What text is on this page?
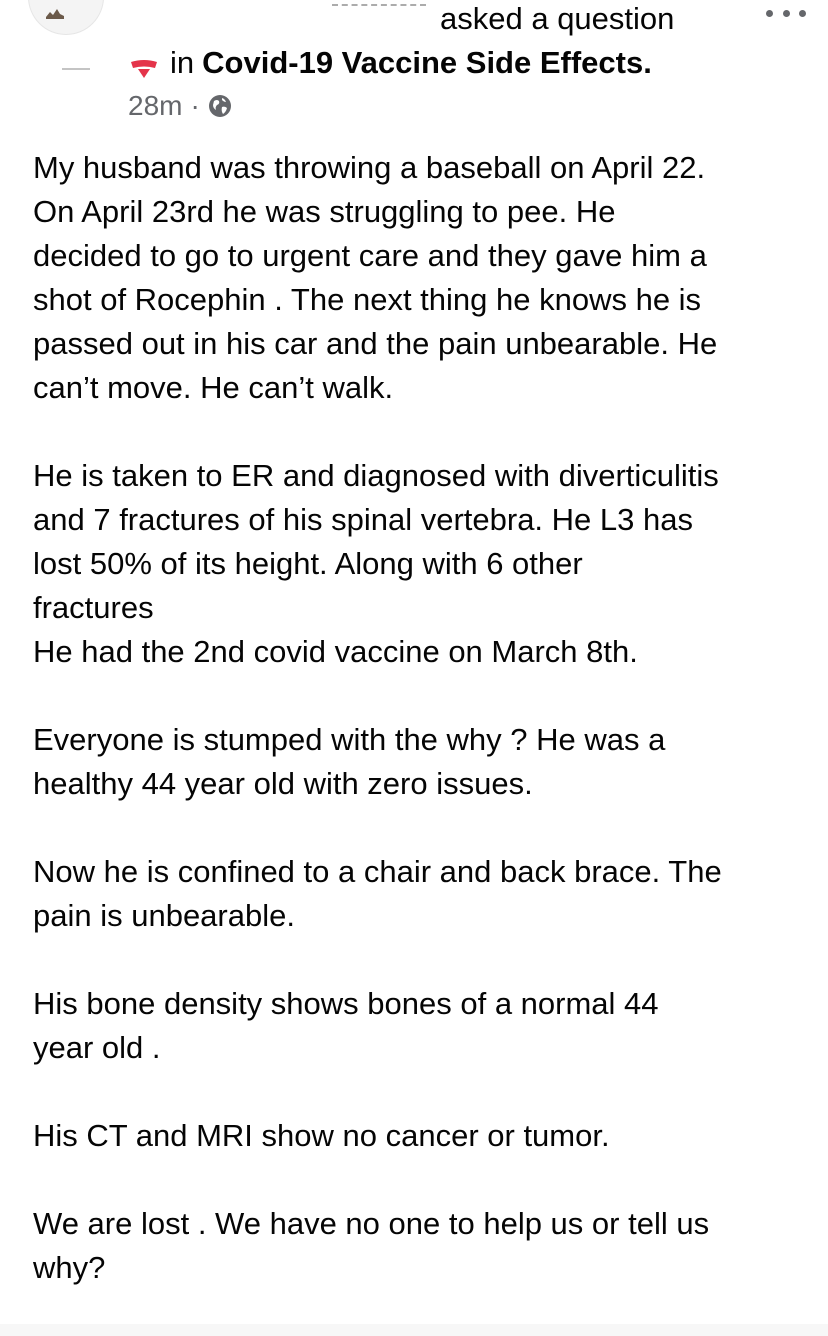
asked a question
in Covid-19 Vaccine Side Effects.
28m ·

My husband was throwing a baseball on April 22.
On April 23rd he was struggling to pee. He
decided to go to urgent care and they gave him a
shot of Rocephin . The next thing he knows he is
passed out in his car and the pain unbearable. He
can’t move. He can’t walk.

He is taken to ER and diagnosed with diverticulitis
and 7 fractures of his spinal vertebra. He L3 has
lost 50% of its height. Along with 6 other
fractures
He had the 2nd covid vaccine on March 8th.

Everyone is stumped with the why ? He was a
healthy 44 year old with zero issues.

Now he is confined to a chair and back brace. The
pain is unbearable.

His bone density shows bones of a normal 44
year old .

His CT and MRI show no cancer or tumor.

We are lost . We have no one to help us or tell us
why?
